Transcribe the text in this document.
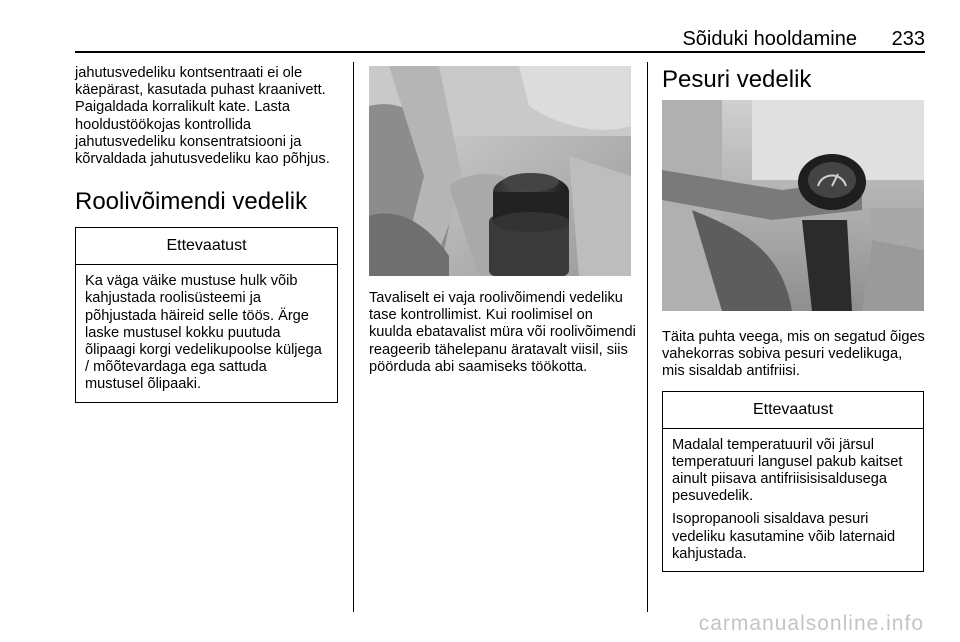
Sõiduki hooldamine 233

jahutusvedeliku kontsentraati ei ole käepärast, kasutada puhast kraanivett. Paigaldada korralikult kate. Lasta hooldustöökojas kontrollida jahutusvedeliku konsentratsiooni ja kõrvaldada jahutusvedeliku kao põhjus.

Roolivõimendi vedelik
Ettevaatust

Ka väga väike mustuse hulk võib kahjustada roolisüsteemi ja põhjustada häireid selle töös. Ärge laske mustusel kokku puutuda õlipaagi korgi vedelikupoolse küljega / mõõtevardaga ega sattuda mustusel õlipaaki.

Tavaliselt ei vaja roolivõimendi vedeliku tase kontrollimist. Kui roolimisel on kuulda ebatavalist müra või roolivõimendi reageerib tähelepanu äratavalt viisil, siis pöörduda abi saamiseks töökotta.

Pesuri vedelik

Täita puhta veega, mis on segatud õiges vahekorras sobiva pesuri vedelikuga, mis sisaldab antifriisi.

Ettevaatust

Madalal temperatuuril või järsul temperatuuri langusel pakub kaitset ainult piisava antifriisisisaldusega pesuvedelik.

Isopropanooli sisaldava pesuri vedeliku kasutamine võib laternaid kahjustada.

carmanualsonline.info
